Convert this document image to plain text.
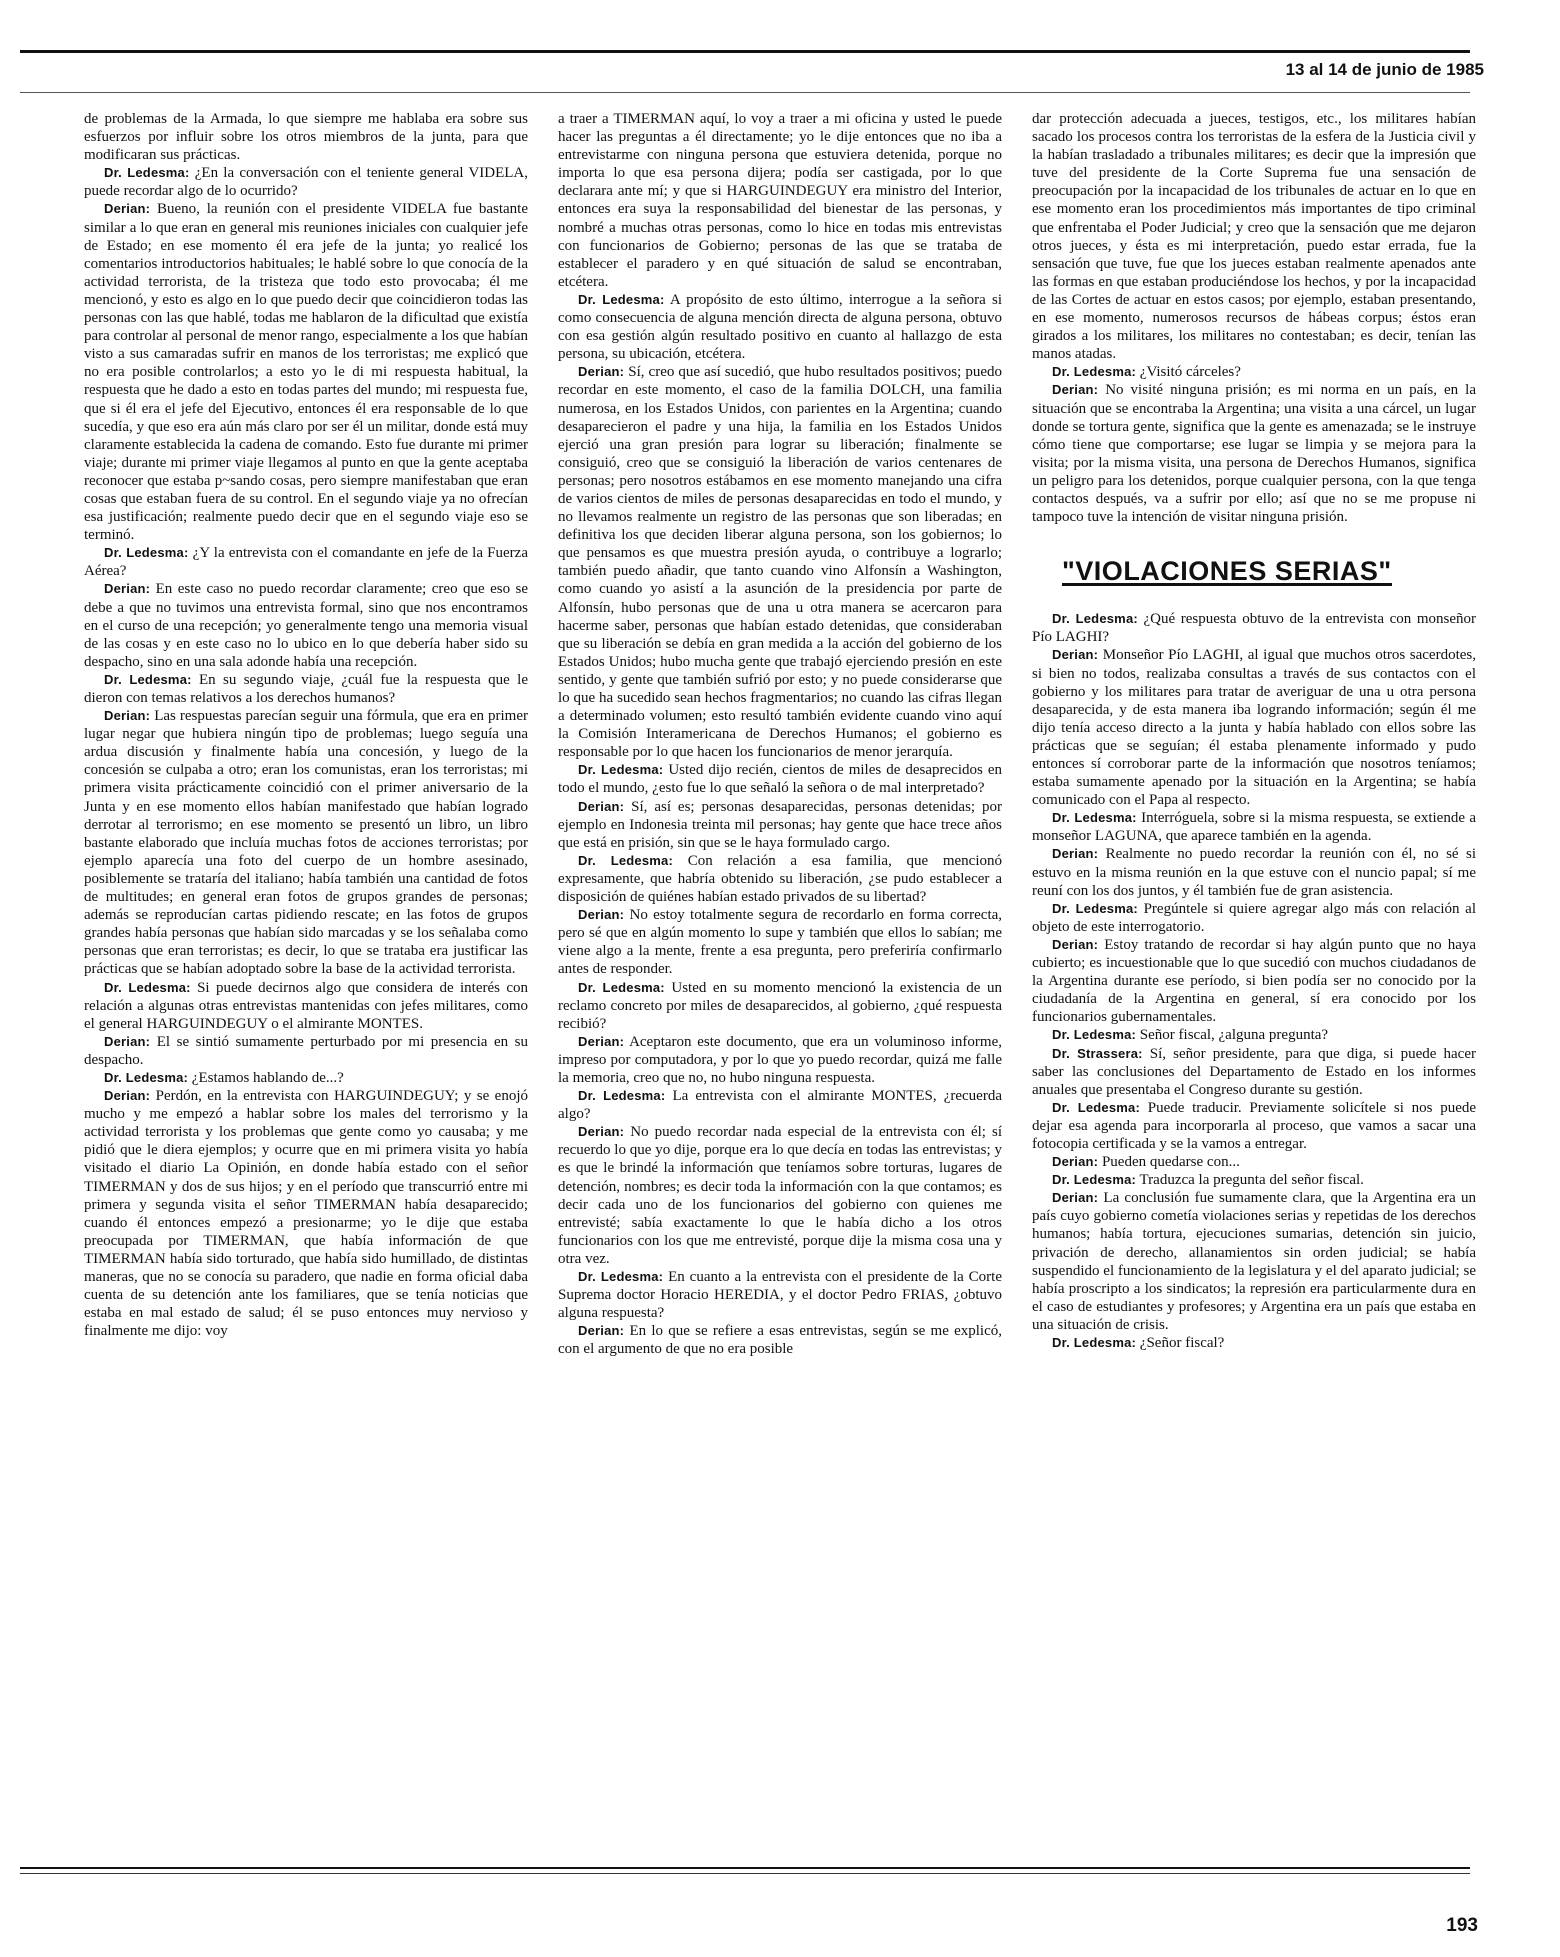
13 al 14 de junio de 1985

de problemas de la Armada, lo que siempre me hablaba era sobre sus esfuerzos por influir sobre los otros miembros de la junta, para que modificaran sus prácticas.

Dr. Ledesma: ¿En la conversación con el teniente general VIDELA, puede recordar algo de lo ocurrido?

Derian: Bueno, la reunión con el presidente VIDELA fue bastante similar a lo que eran en general mis reuniones iniciales con cualquier jefe de Estado; en ese momento él era jefe de la junta; yo realicé los comentarios introductorios habituales; le hablé sobre lo que conocía de la actividad terrorista, de la tristeza que todo esto provocaba; él me mencionó, y esto es algo en lo que puedo decir que coincidieron todas las personas con las que hablé, todas me hablaron de la dificultad que existía para controlar al personal de menor rango, especialmente a los que habían visto a sus camaradas sufrir en manos de los terroristas; me explicó que no era posible controlarlos; a esto yo le di mi respuesta habitual, la respuesta que he dado a esto en todas partes del mundo; mi respuesta fue, que si él era el jefe del Ejecutivo, entonces él era responsable de lo que sucedía, y que eso era aún más claro por ser él un militar, donde está muy claramente establecida la cadena de comando. Esto fue durante mi primer viaje; durante mi primer viaje llegamos al punto en que la gente aceptaba reconocer que estaba p~sando cosas, pero siempre manifestaban que eran cosas que estaban fuera de su control. En el segundo viaje ya no ofrecían esa justificación; realmente puedo decir que en el segundo viaje eso se terminó.

Dr. Ledesma: ¿Y la entrevista con el comandante en jefe de la Fuerza Aérea?

Derian: En este caso no puedo recordar claramente; creo que eso se debe a que no tuvimos una entrevista formal, sino que nos encontramos en el curso de una recepción; yo generalmente tengo una memoria visual de las cosas y en este caso no lo ubico en lo que debería haber sido su despacho, sino en una sala adonde había una recepción.

Dr. Ledesma: En su segundo viaje, ¿cuál fue la respuesta que le dieron con temas relativos a los derechos humanos?

Derian: Las respuestas parecían seguir una fórmula, que era en primer lugar negar que hubiera ningún tipo de problemas; luego seguía una ardua discusión y finalmente había una concesión, y luego de la concesión se culpaba a otro; eran los comunistas, eran los terroristas; mi primera visita prácticamente coincidió con el primer aniversario de la Junta y en ese momento ellos habían manifestado que habían logrado derrotar al terrorismo; en ese momento se presentó un libro, un libro bastante elaborado que incluía muchas fotos de acciones terroristas; por ejemplo aparecía una foto del cuerpo de un hombre asesinado, posiblemente se trataría del italiano; había también una cantidad de fotos de multitudes; en general eran fotos de grupos grandes de personas; además se reproducían cartas pidiendo rescate; en las fotos de grupos grandes había personas que habían sido marcadas y se los señalaba como personas que eran terroristas; es decir, lo que se trataba era justificar las prácticas que se habían adoptado sobre la base de la actividad terrorista.

Dr. Ledesma: Si puede decirnos algo que considera de interés con relación a algunas otras entrevistas mantenidas con jefes militares, como el general HARGUINDEGUY o el almirante MONTES.

Derian: El se sintió sumamente perturbado por mi presencia en su despacho.

Dr. Ledesma: ¿Estamos hablando de...?

Derian: Perdón, en la entrevista con HARGUINDEGUY; y se enojó mucho y me empezó a hablar sobre los males del terrorismo y la actividad terrorista y los problemas que gente como yo causaba; y me pidió que le diera ejemplos; y ocurre que en mi primera visita yo había visitado el diario La Opinión, en donde había estado con el señor TIMERMAN y dos de sus hijos; y en el período que transcurrió entre mi primera y segunda visita el señor TIMERMAN había desaparecido; cuando él entonces empezó a presionarme; yo le dije que estaba preocupada por TIMERMAN, que había información de que TIMERMAN había sido torturado, que había sido humillado, de distintas maneras, que no se conocía su paradero, que nadie en forma oficial daba cuenta de su detención ante los familiares, que se tenía noticias que estaba en mal estado de salud; él se puso entonces muy nervioso y finalmente me dijo: voy

a traer a TIMERMAN aquí, lo voy a traer a mi oficina y usted le puede hacer las preguntas a él directamente; yo le dije entonces que no iba a entrevistarme con ninguna persona que estuviera detenida, porque no importa lo que esa persona dijera; podía ser castigada, por lo que declarara ante mí; y que si HARGUINDEGUY era ministro del Interior, entonces era suya la responsabilidad del bienestar de las personas, y nombré a muchas otras personas, como lo hice en todas mis entrevistas con funcionarios de Gobierno; personas de las que se trataba de establecer el paradero y en qué situación de salud se encontraban, etcétera.

Dr. Ledesma: A propósito de esto último, interrogue a la señora si como consecuencia de alguna mención directa de alguna persona, obtuvo con esa gestión algún resultado positivo en cuanto al hallazgo de esta persona, su ubicación, etcétera.

Derian: Sí, creo que así sucedió, que hubo resultados positivos; puedo recordar en este momento, el caso de la familia DOLCH, una familia numerosa, en los Estados Unidos, con parientes en la Argentina; cuando desaparecieron el padre y una hija, la familia en los Estados Unidos ejerció una gran presión para lograr su liberación; finalmente se consiguió, creo que se consiguió la liberación de varios centenares de personas; pero nosotros estábamos en ese momento manejando una cifra de varios cientos de miles de personas desaparecidas en todo el mundo, y no llevamos realmente un registro de las personas que son liberadas; en definitiva los que deciden liberar alguna persona, son los gobiernos; lo que pensamos es que muestra presión ayuda, o contribuye a lograrlo; también puedo añadir, que tanto cuando vino Alfonsín a Washington, como cuando yo asistí a la asunción de la presidencia por parte de Alfonsín, hubo personas que de una u otra manera se acercaron para hacerme saber, personas que habían estado detenidas, que consideraban que su liberación se debía en gran medida a la acción del gobierno de los Estados Unidos; hubo mucha gente que trabajó ejerciendo presión en este sentido, y gente que también sufrió por esto; y no puede considerarse que lo que ha sucedido sean hechos fragmentarios; no cuando las cifras llegan a determinado volumen; esto resultó también evidente cuando vino aquí la Comisión Interamericana de Derechos Humanos; el gobierno es responsable por lo que hacen los funcionarios de menor jerarquía.

Dr. Ledesma: Usted dijo recién, cientos de miles de desaprecidos en todo el mundo, ¿esto fue lo que señaló la señora o de mal interpretado?

Derian: Sí, así es; personas desaparecidas, personas detenidas; por ejemplo en Indonesia treinta mil personas; hay gente que hace trece años que está en prisión, sin que se le haya formulado cargo.

Dr. Ledesma: Con relación a esa familia, que mencionó expresamente, que habría obtenido su liberación, ¿se pudo establecer a disposición de quiénes habían estado privados de su libertad?

Derian: No estoy totalmente segura de recordarlo en forma correcta, pero sé que en algún momento lo supe y también que ellos lo sabían; me viene algo a la mente, frente a esa pregunta, pero preferiría confirmarlo antes de responder.

Dr. Ledesma: Usted en su momento mencionó la existencia de un reclamo concreto por miles de desaparecidos, al gobierno, ¿qué respuesta recibió?

Derian: Aceptaron este documento, que era un voluminoso informe, impreso por computadora, y por lo que yo puedo recordar, quizá me falle la memoria, creo que no, no hubo ninguna respuesta.

Dr. Ledesma: La entrevista con el almirante MONTES, ¿recuerda algo?

Derian: No puedo recordar nada especial de la entrevista con él; sí recuerdo lo que yo dije, porque era lo que decía en todas las entrevistas; y es que le brindé la información que teníamos sobre torturas, lugares de detención, nombres; es decir toda la información con la que contamos; es decir cada uno de los funcionarios del gobierno con quienes me entrevisté; sabía exactamente lo que le había dicho a los otros funcionarios con los que me entrevisté, porque dije la misma cosa una y otra vez.

Dr. Ledesma: En cuanto a la entrevista con el presidente de la Corte Suprema doctor Horacio HEREDIA, y el doctor Pedro FRIAS, ¿obtuvo alguna respuesta?

Derian: En lo que se refiere a esas entrevistas, según se me explicó, con el argumento de que no era posible

dar protección adecuada a jueces, testigos, etc., los militares habían sacado los procesos contra los terroristas de la esfera de la Justicia civil y la habían trasladado a tribunales militares; es decir que la impresión que tuve del presidente de la Corte Suprema fue una sensación de preocupación por la incapacidad de los tribunales de actuar en lo que en ese momento eran los procedimientos más importantes de tipo criminal que enfrentaba el Poder Judicial; y creo que la sensación que me dejaron otros jueces, y ésta es mi interpretación, puedo estar errada, fue la sensación que tuve, fue que los jueces estaban realmente apenados ante las formas en que estaban produciéndose los hechos, y por la incapacidad de las Cortes de actuar en estos casos; por ejemplo, estaban presentando, en ese momento, numerosos recursos de hábeas corpus; éstos eran girados a los militares, los militares no contestaban; es decir, tenían las manos atadas.

Dr. Ledesma: ¿Visitó cárceles?

Derian: No visité ninguna prisión; es mi norma en un país, en la situación que se encontraba la Argentina; una visita a una cárcel, un lugar donde se tortura gente, significa que la gente es amenazada; se le instruye cómo tiene que comportarse; ese lugar se limpia y se mejora para la visita; por la misma visita, una persona de Derechos Humanos, significa un peligro para los detenidos, porque cualquier persona, con la que tenga contactos después, va a sufrir por ello; así que no se me propuse ni tampoco tuve la intención de visitar ninguna prisión.

"VIOLACIONES SERIAS"

Dr. Ledesma: ¿Qué respuesta obtuvo de la entrevista con monseñor Pío LAGHI?

Derian: Monseñor Pío LAGHI, al igual que muchos otros sacerdotes, si bien no todos, realizaba consultas a través de sus contactos con el gobierno y los militares para tratar de averiguar de una u otra persona desaparecida, y de esta manera iba logrando información; según él me dijo tenía acceso directo a la junta y había hablado con ellos sobre las prácticas que se seguían; él estaba plenamente informado y pudo entonces sí corroborar parte de la información que nosotros teníamos; estaba sumamente apenado por la situación en la Argentina; se había comunicado con el Papa al respecto.

Dr. Ledesma: Interróguela, sobre si la misma respuesta, se extiende a monseñor LAGUNA, que aparece también en la agenda.

Derian: Realmente no puedo recordar la reunión con él, no sé si estuvo en la misma reunión en la que estuve con el nuncio papal; sí me reuní con los dos juntos, y él también fue de gran asistencia.

Dr. Ledesma: Pregúntele si quiere agregar algo más con relación al objeto de este interrogatorio.

Derian: Estoy tratando de recordar si hay algún punto que no haya cubierto; es incuestionable que lo que sucedió con muchos ciudadanos de la Argentina durante ese período, si bien podía ser no conocido por la ciudadanía de la Argentina en general, sí era conocido por los funcionarios gubernamentales.

Dr. Ledesma: Señor fiscal, ¿alguna pregunta?

Dr. Strassera: Sí, señor presidente, para que diga, si puede hacer saber las conclusiones del Departamento de Estado en los informes anuales que presentaba el Congreso durante su gestión.

Dr. Ledesma: Puede traducir. Previamente solicítele si nos puede dejar esa agenda para incorporarla al proceso, que vamos a sacar una fotocopia certificada y se la vamos a entregar.

Derian: Pueden quedarse con...

Dr. Ledesma: Traduzca la pregunta del señor fiscal.

Derian: La conclusión fue sumamente clara, que la Argentina era un país cuyo gobierno cometía violaciones serias y repetidas de los derechos humanos; había tortura, ejecuciones sumarias, detención sin juicio, privación de derecho, allanamientos sin orden judicial; se había suspendido el funcionamiento de la legislatura y el del aparato judicial; se había proscripto a los sindicatos; la represión era particularmente dura en el caso de estudiantes y profesores; y Argentina era un país que estaba en una situación de crisis.

Dr. Ledesma: ¿Señor fiscal?

193
